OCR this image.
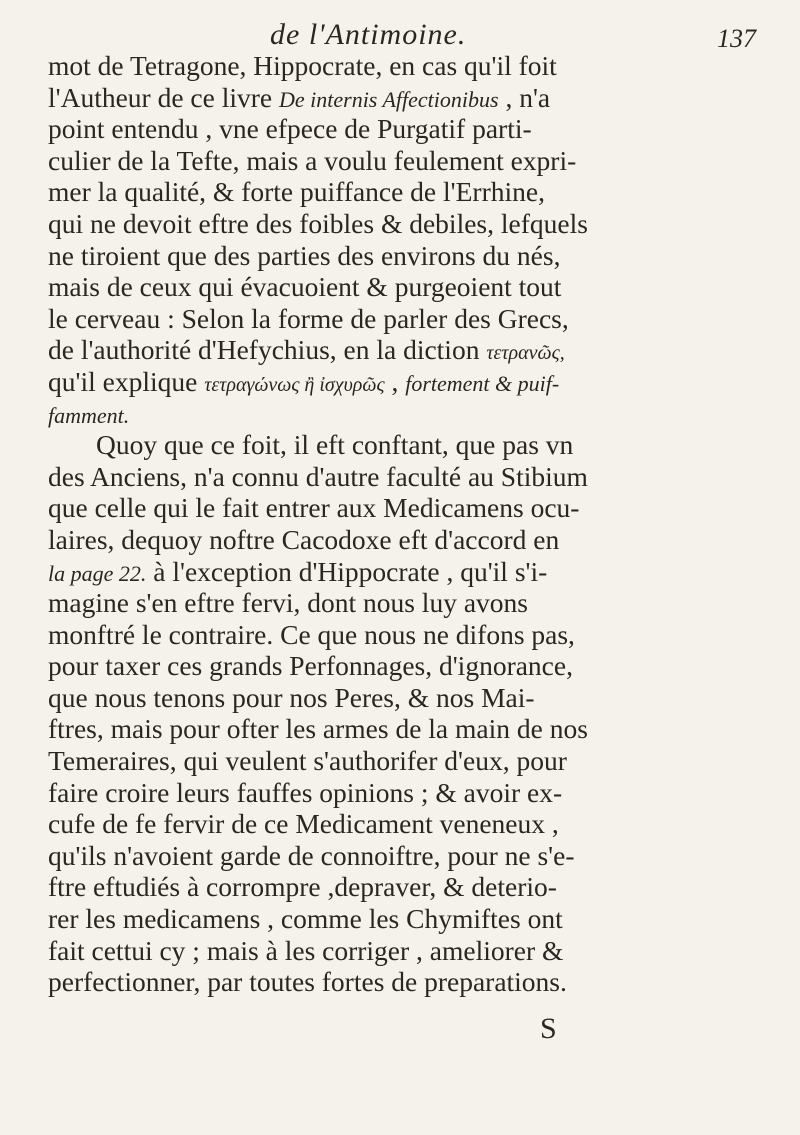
de l'Antimoine.	137
mot de Tetragone, Hippocrate, en cas qu'il foit
l'Autheur de ce livre De internis Affectionibus , n'a
point entendu , vne efpece de Purgatif parti-
culier de la Tefte, mais a voulu feulement expri-
mer la qualité, & forte puiffance de l'Errhine,
qui ne devoit eftre des foibles & debiles, lefquels
ne tiroient que des parties des environs du nés,
mais de ceux qui évacuoient & purgeoient tout
le cerveau : Selon la forme de parler des Grecs,
de l'authorité d'Hefychius, en la diction τετρανῶς,
qu'il explique τετραγώνως ἢ ἰσχυρῶς , fortement & puif-
famment.
Quoy que ce foit, il eft conftant, que pas vn
des Anciens, n'a connu d'autre faculté au Stibium
que celle qui le fait entrer aux Medicamens ocu-
laires, dequoy noftre Cacodoxe eft d'accord en
la page 22. à l'exception d'Hippocrate , qu'il s'i-
magine s'en eftre fervi, dont nous luy avons
monftré le contraire. Ce que nous ne difons pas,
pour taxer ces grands Perfonnages, d'ignorance,
que nous tenons pour nos Peres, & nos Mai-
ftres, mais pour ofter les armes de la main de nos
Temeraires, qui veulent s'authorifer d'eux, pour
faire croire leurs fauffes opinions ; & avoir ex-
cufe de fe fervir de ce Medicament veneneux ,
qu'ils n'avoient garde de connoiftre, pour ne s'e-
ftre eftudiés à corrompre ,depraver, & deterio-
rer les medicamens , comme les Chymiftes ont
fait cettui cy ; mais à les corriger , ameliorer &
perfectionner, par toutes fortes de preparations.
S
